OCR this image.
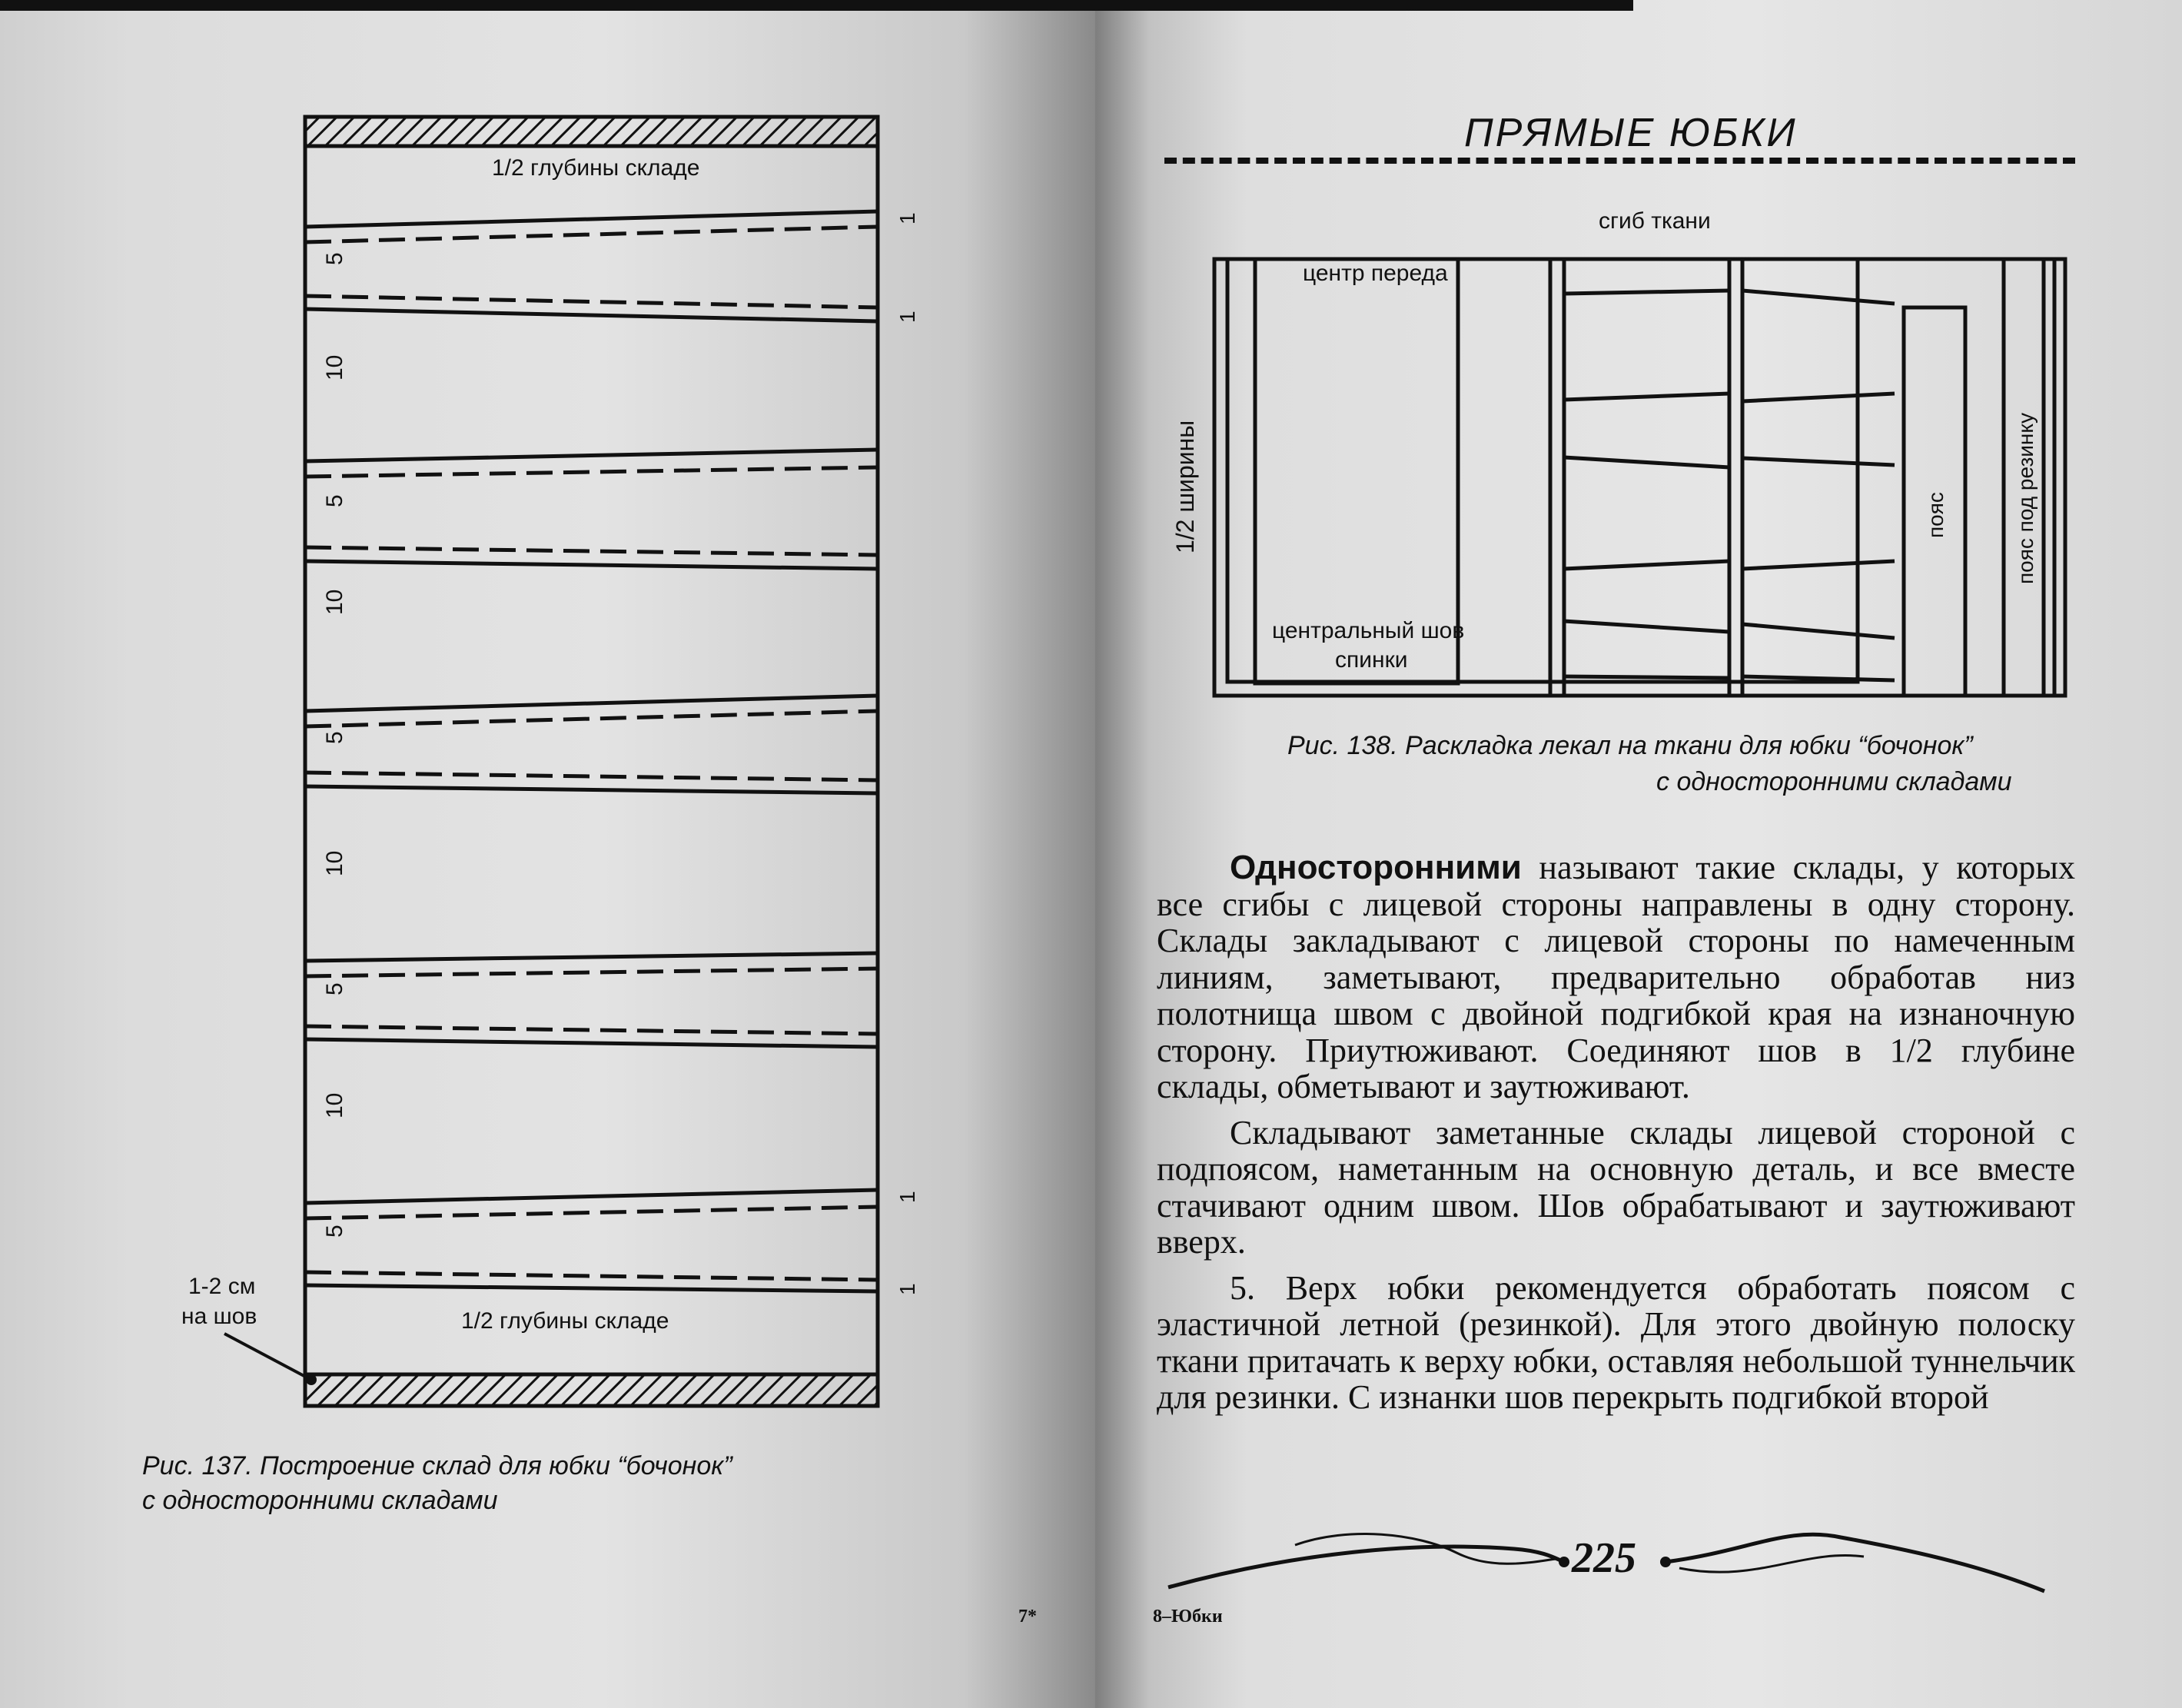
1/2 глубины складе
1/2 глубины складе
1-2 см
на шов
5
10
5
10
5
10
5
10
5
1
1
1
1
Рис. 137. Построение склад для юбки “бочонок”
с односторонними складами
7*
ПРЯМЫЕ ЮБКИ
сгиб ткани
центр переда
центральный шов
спинки
1/2 ширины	пояс	пояс под резинку
Рис. 138. Раскладка лекал на ткани для юбки “бочонок”
с односторонними складами

Односторонними называют такие склады, у которых все сгибы с лицевой стороны направлены в одну сторону. Склады закладывают с лицевой стороны по намеченным линиям, заметывают, предварительно обработав низ полотнища швом с двойной подгибкой края на изнаночную сторону. Приутюживают. Соединяют шов в 1/2 глубине склады, обметывают и заутюживают.

Складывают заметанные склады лицевой стороной с подпоясом, наметанным на основную деталь, и все вместе стачивают одним швом. Шов обрабатывают и заутюживают вверх.

5. Верх юбки рекомендуется обработать поясом с эластичной летной (резинкой). Для этого двойную полоску ткани притачать к верху юбки, оставляя небольшой туннельчик для резинки. С изнанки шов перекрыть подгибкой второй

225
8–Юбки
